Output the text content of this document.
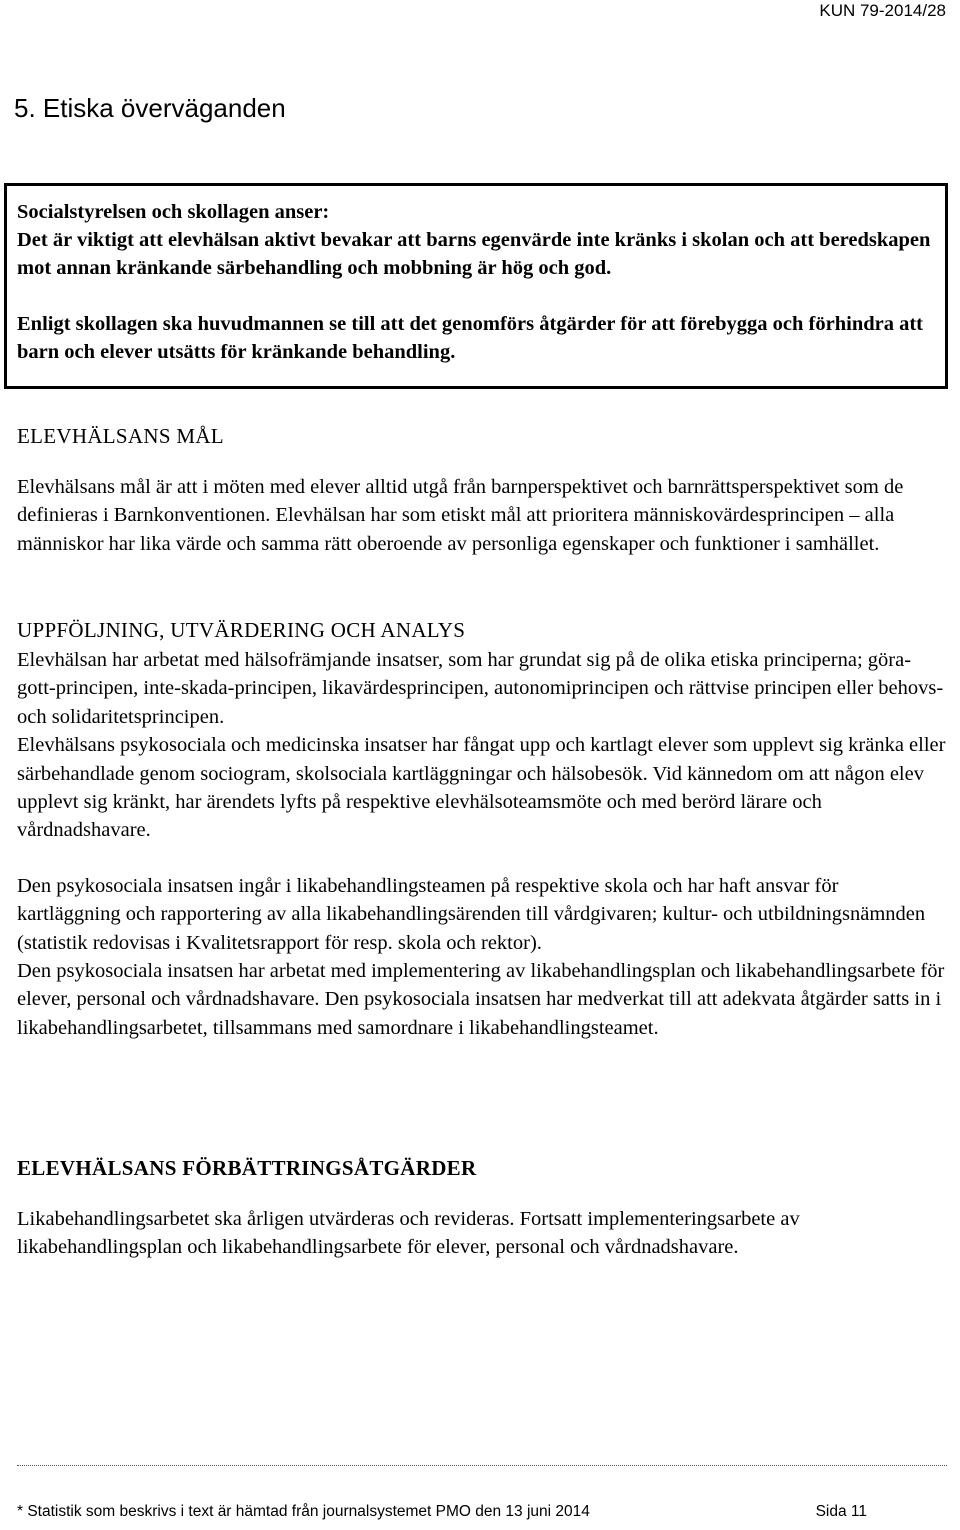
KUN 79-2014/28
5. Etiska överväganden

Socialstyrelsen och skollagen anser:

Det är viktigt att elevhälsan aktivt bevakar att barns egenvärde inte kränks i skolan och att beredskapen mot annan kränkande särbehandling och mobbning är hög och god.

Enligt skollagen ska huvudmannen se till att det genomförs åtgärder för att förebygga och förhindra att barn och elever utsätts för kränkande behandling.

ELEVHÄLSANS MÅL

Elevhälsans mål är att i möten med elever alltid utgå från barnperspektivet och barnrättsperspektivet som de definieras i Barnkonventionen. Elevhälsan har som etiskt mål att prioritera människovärdesprincipen – alla människor har lika värde och samma rätt oberoende av personliga egenskaper och funktioner i samhället.

UPPFÖLJNING, UTVÄRDERING OCH ANALYS

Elevhälsan har arbetat med hälsofrämjande insatser, som har grundat sig på de olika etiska principerna; göra-gott-principen, inte-skada-principen, likavärdesprincipen, autonomiprincipen och rättvise principen eller behovs- och solidaritetsprincipen.

Elevhälsans psykosociala och medicinska insatser har fångat upp och kartlagt elever som upplevt sig kränka eller särbehandlade genom sociogram, skolsociala kartläggningar och hälsobesök. Vid kännedom om att någon elev upplevt sig kränkt, har ärendets lyfts på respektive elevhälsoteamsmöte och med berörd lärare och vårdnadshavare.

Den psykosociala insatsen ingår i likabehandlingsteamen på respektive skola och har haft ansvar för kartläggning och rapportering av alla likabehandlingsärenden till vårdgivaren; kultur- och utbildningsnämnden (statistik redovisas i Kvalitetsrapport för resp. skola och rektor).

Den psykosociala insatsen har arbetat med implementering av likabehandlingsplan och likabehandlingsarbete för elever, personal och vårdnadshavare. Den psykosociala insatsen har medverkat till att adekvata åtgärder satts in i likabehandlingsarbetet, tillsammans med samordnare i likabehandlingsteamet.

ELEVHÄLSANS FÖRBÄTTRINGSÅTGÄRDER

Likabehandlingsarbetet ska årligen utvärderas och revideras. Fortsatt implementeringsarbete av likabehandlingsplan och likabehandlingsarbete för elever, personal och vårdnadshavare.

* Statistik som beskrivs i text är hämtad från journalsystemet PMO den 13 juni 2014	Sida 11
